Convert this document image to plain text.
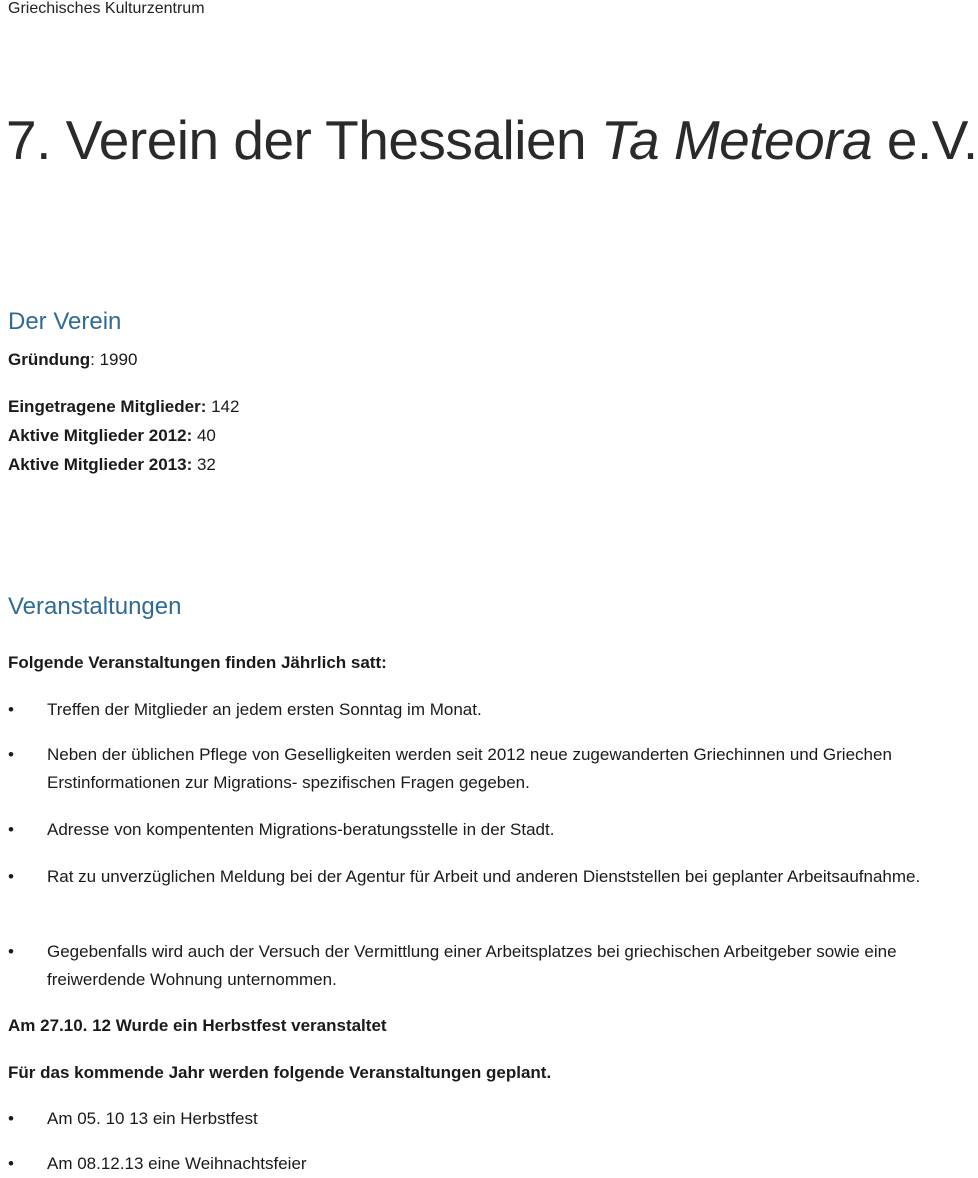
Griechisches Kulturzentrum
7. Verein der Thessalien Ta Meteora e.V.
Der Verein
Gründung: 1990
Eingetragene Mitglieder: 142
Aktive Mitglieder 2012: 40
Aktive Mitglieder 2013: 32
Veranstaltungen
Folgende Veranstaltungen finden Jährlich satt:
• Treffen der Mitglieder an jedem ersten Sonntag im Monat.
• Neben der üblichen Pflege von Geselligkeiten werden seit 2012 neue zugewanderten Griechinnen und Griechen Erstinformationen zur Migrations- spezifischen Fragen gegeben.
• Adresse von kompententen Migrations-beratungsstelle in der Stadt.
• Rat zu unverzüglichen Meldung bei der Agentur für Arbeit und anderen Dienststellen bei geplanter Arbeitsaufnahme.
• Gegebenfalls wird auch der Versuch der Vermittlung einer Arbeitsplatzes bei griechischen Arbeitgeber sowie eine freiwerdende Wohnung unternommen.
Am 27.10. 12 Wurde ein Herbstfest veranstaltet
Für das kommende Jahr werden folgende Veranstaltungen geplant.
• Am 05. 10 13 ein Herbstfest
• Am 08.12.13 eine Weihnachtsfeier
